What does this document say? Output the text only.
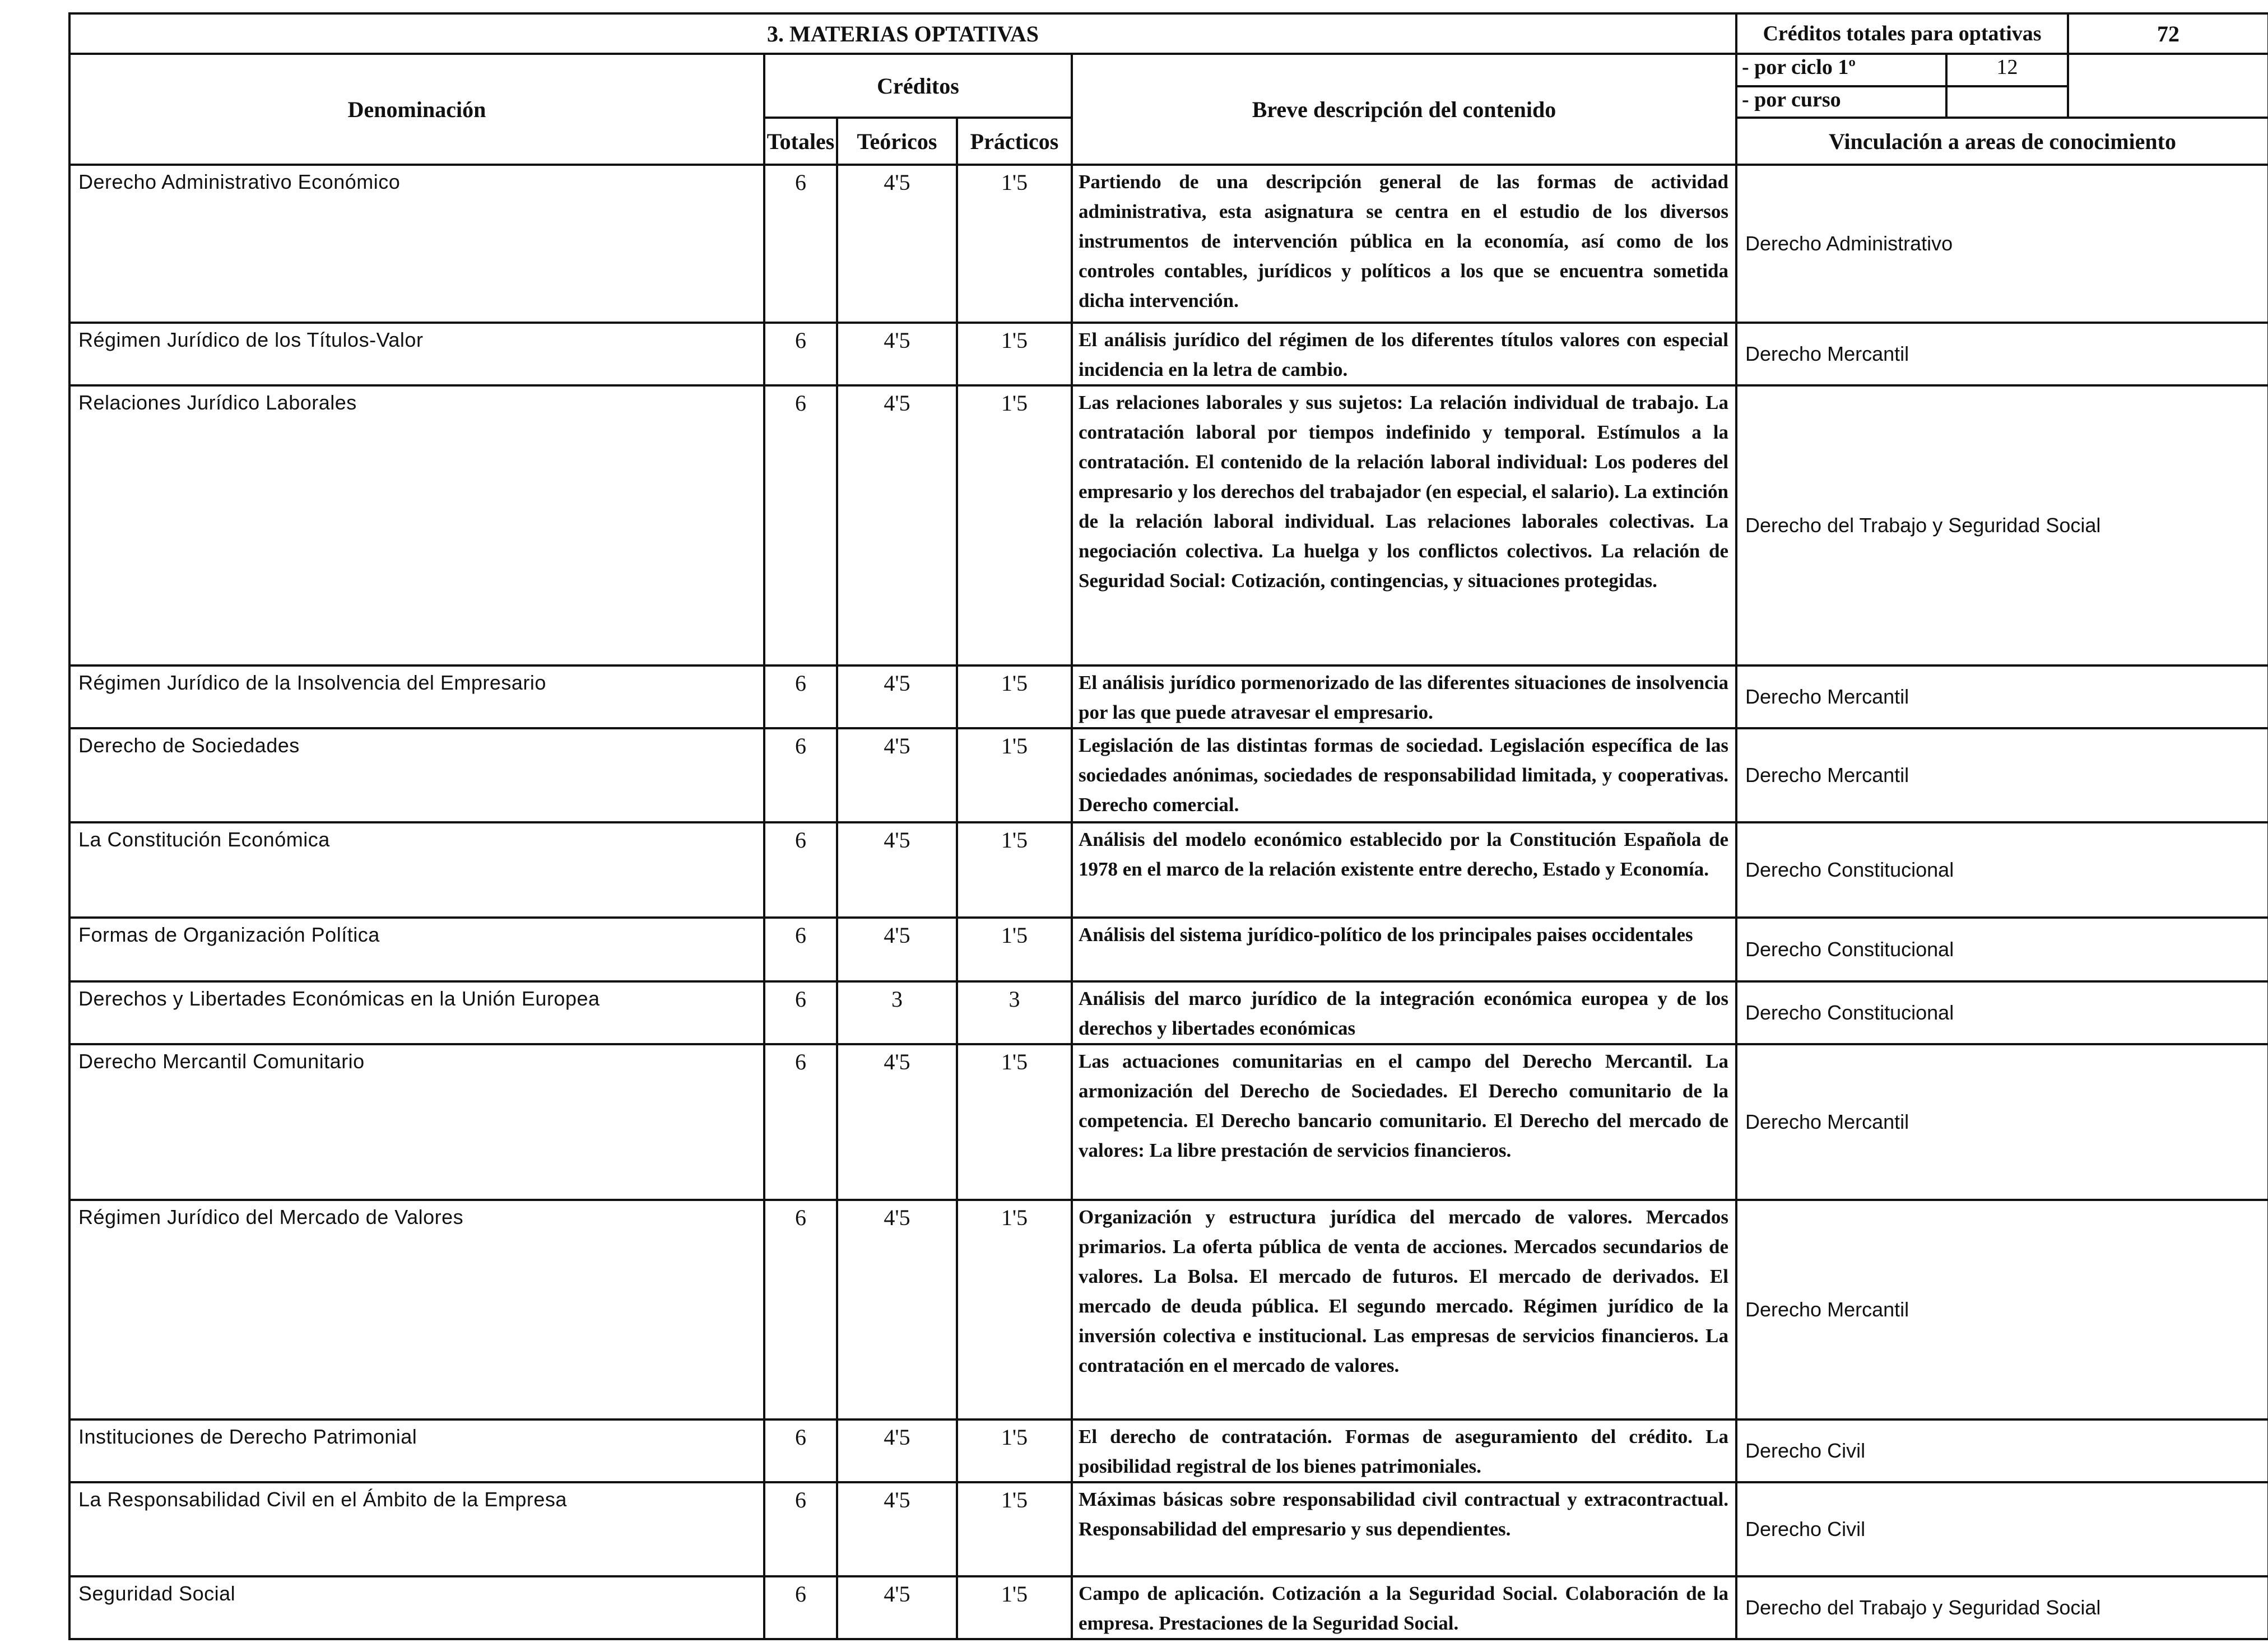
3. MATERIAS OPTATIVAS					Créditos totales para optativas		72
Denominación	Créditos			Breve descripción del contenido	- por ciclo 1º	12	
					- por curso		
	Totales	Teóricos	Prácticos		Vinculación a areas de conocimiento		
Derecho Administrativo Económico	6	4'5	1'5	Partiendo de una descripción general de las formas de actividad administrativa, esta asignatura se centra en el estudio de los diversos instrumentos de intervención pública en la economía, así como de los controles contables, jurídicos y políticos a los que se encuentra sometida dicha intervención.	Derecho Administrativo		
Régimen Jurídico de los Títulos-Valor	6	4'5	1'5	El análisis jurídico del régimen de los diferentes títulos valores con especial incidencia en la letra de cambio.	Derecho Mercantil		
Relaciones Jurídico Laborales	6	4'5	1'5	Las relaciones laborales y sus sujetos: La relación individual de trabajo. La contratación laboral por tiempos indefinido y temporal. Estímulos a la contratación. El contenido de la relación laboral individual: Los poderes del empresario y los derechos del trabajador (en especial, el salario). La extinción de la relación laboral individual. Las relaciones laborales colectivas. La negociación colectiva. La huelga y los conflictos colectivos. La relación de Seguridad Social: Cotización, contingencias, y situaciones protegidas.	Derecho del Trabajo y Seguridad Social		
Régimen Jurídico de la Insolvencia del Empresario	6	4'5	1'5	El análisis jurídico pormenorizado de las diferentes situaciones de insolvencia por las que puede atravesar el empresario.	Derecho Mercantil		
Derecho de Sociedades	6	4'5	1'5	Legislación de las distintas formas de sociedad. Legislación específica de las sociedades anónimas, sociedades de responsabilidad limitada, y cooperativas. Derecho comercial.	Derecho Mercantil		
La Constitución Económica	6	4'5	1'5	Análisis del modelo económico establecido por la Constitución Española de 1978 en el marco de la relación existente entre derecho, Estado y Economía.	Derecho Constitucional		
Formas de Organización Política	6	4'5	1'5	Análisis del sistema jurídico-político de los principales paises occidentales	Derecho Constitucional		
Derechos y Libertades Económicas en la Unión Europea	6	3	3	Análisis del marco jurídico de la integración económica europea y de los derechos y libertades económicas	Derecho Constitucional		
Derecho Mercantil Comunitario	6	4'5	1'5	Las actuaciones comunitarias en el campo del Derecho Mercantil. La armonización del Derecho de Sociedades. El Derecho comunitario de la competencia. El Derecho bancario comunitario. El Derecho del mercado de valores: La libre prestación de servicios financieros.	Derecho Mercantil		
Régimen Jurídico del Mercado de Valores	6	4'5	1'5	Organización y estructura jurídica del mercado de valores. Mercados primarios. La oferta pública de venta de acciones. Mercados secundarios de valores. La Bolsa. El mercado de futuros. El mercado de derivados. El mercado de deuda pública. El segundo mercado. Régimen jurídico de la inversión colectiva e institucional. Las empresas de servicios financieros. La contratación en el mercado de valores.	Derecho Mercantil		
Instituciones de Derecho Patrimonial	6	4'5	1'5	El derecho de contratación. Formas de aseguramiento del crédito. La posibilidad registral de los bienes patrimoniales.	Derecho Civil		
La Responsabilidad Civil en el Ámbito de la Empresa	6	4'5	1'5	Máximas básicas sobre responsabilidad civil contractual y extracontractual. Responsabilidad del empresario y sus dependientes.	Derecho Civil		
Seguridad Social	6	4'5	1'5	Campo de aplicación. Cotización a la Seguridad Social. Colaboración de la empresa. Prestaciones de la Seguridad Social.	Derecho del Trabajo y Seguridad Social		
